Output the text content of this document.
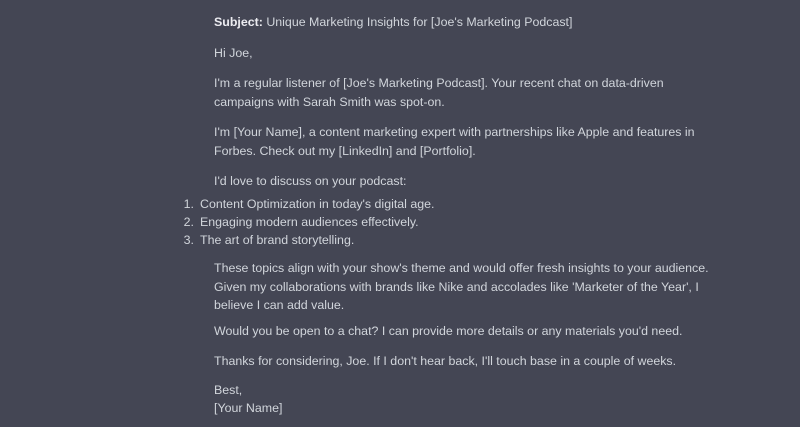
Subject: Unique Marketing Insights for [Joe's Marketing Podcast]
Hi Joe,
I'm a regular listener of [Joe's Marketing Podcast]. Your recent chat on data-driven
campaigns with Sarah Smith was spot-on.
I'm [Your Name], a content marketing expert with partnerships like Apple and features in
Forbes. Check out my [LinkedIn] and [Portfolio].
I'd love to discuss on your podcast:
1. Content Optimization in today's digital age.
2. Engaging modern audiences effectively.
3. The art of brand storytelling.
These topics align with your show's theme and would offer fresh insights to your audience.
Given my collaborations with brands like Nike and accolades like 'Marketer of the Year', I
believe I can add value.
Would you be open to a chat? I can provide more details or any materials you'd need.
Thanks for considering, Joe. If I don't hear back, I'll touch base in a couple of weeks.
Best,
[Your Name]
